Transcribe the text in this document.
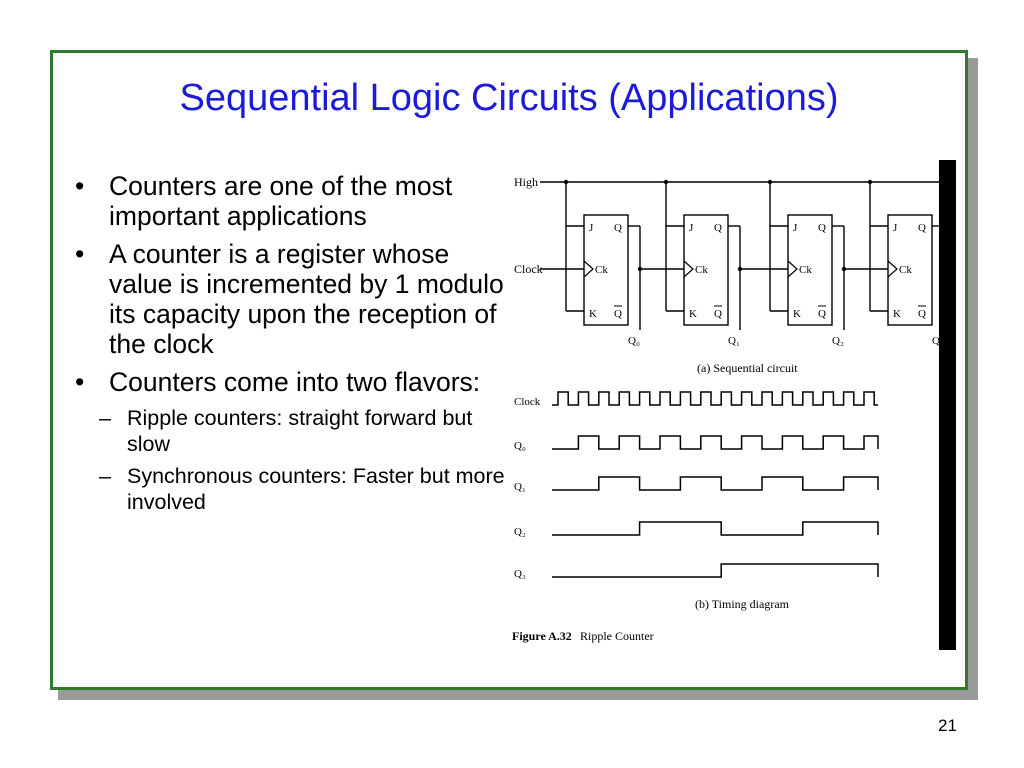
Sequential Logic Circuits (Applications)
• Counters are one of the most important applications
• A counter is a register whose value is incremented by 1 modulo its capacity upon the reception of the clock
• Counters come into two flavors:
– Ripple counters: straight forward but slow
– Synchronous counters: Faster but more involved
High
Clock
J Q
Ck
K Q
Q₀
J Q
Ck
K Q
Q₁
J Q
Ck
K Q
Q₂
J Q
Ck
K Q
Q
(a) Sequential circuit
Clock
Q₀
Q₁
Q₂
Q₃
(b) Timing diagram
Figure A.32 Ripple Counter
21
